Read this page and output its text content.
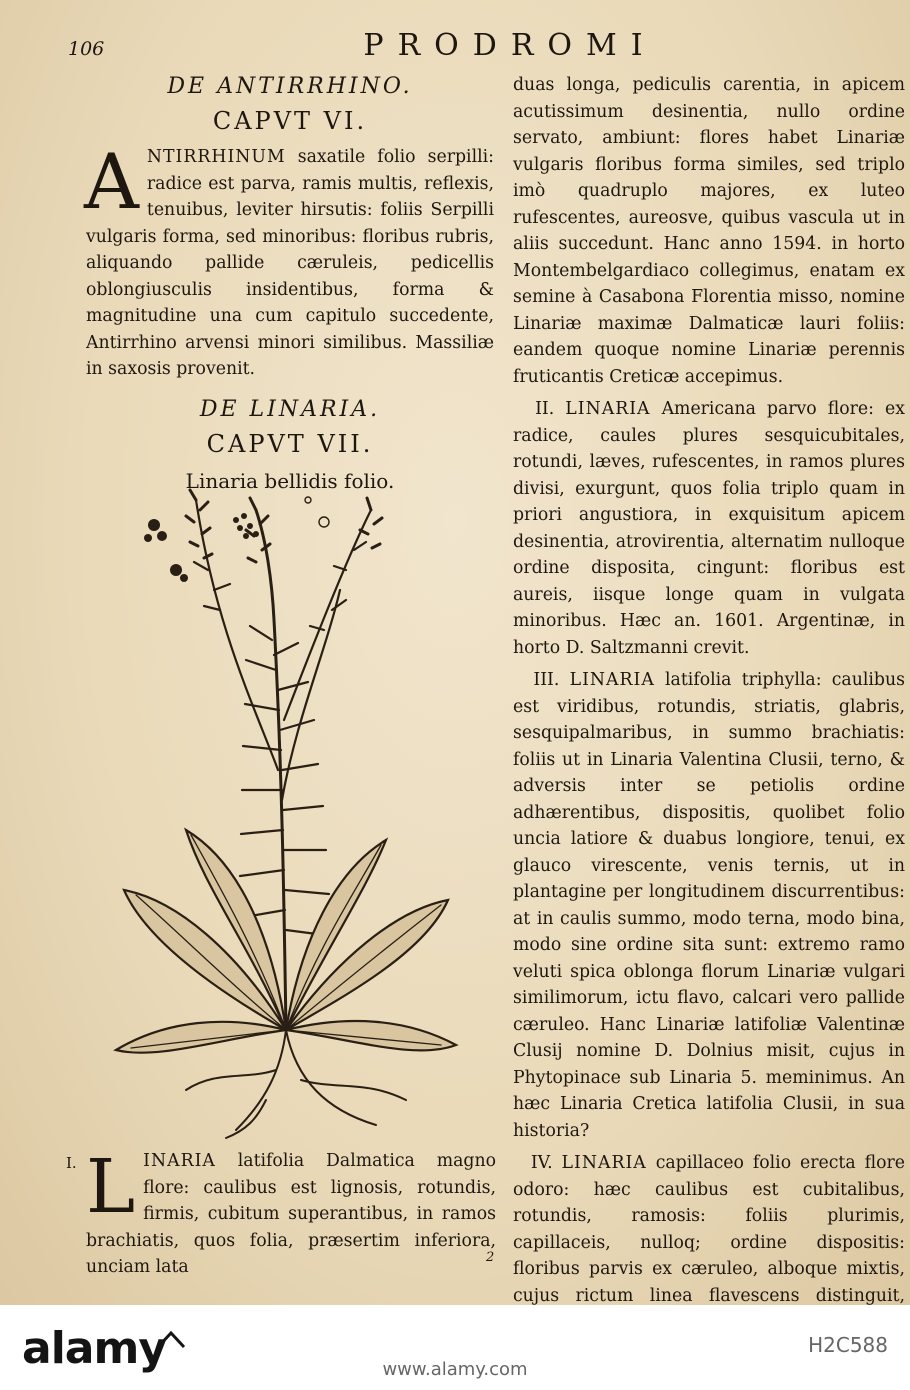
106	PRODROMI

DE ANTIRRHINO.

CAPVT VI.

ANTIRRHINUM saxatile folio serpilli: radice est parva, ramis multis, reflexis, tenuibus, leviter hirsutis: foliis Serpilli vulgaris forma, sed minoribus: floribus rubris, aliquando pallide cæruleis, pedicellis oblongiusculis insidentibus, forma & magnitudine una cum capitulo succedente, Antirrhino arvensi minori similibus. Massiliæ in saxosis provenit.

DE LINARIA.

CAPVT VII.

Linaria bellidis folio.

I. LINARIA latifolia Dalmatica magno flore: caulibus est lignosis, rotundis, firmis, cubitum superantibus, in ramos brachiatis, quos folia, præsertim inferiora, unciam lata	2

duas longa, pediculis carentia, in apicem acutissimum desinentia, nullo ordine servato, ambiunt: flores habet Linariæ vulgaris floribus forma similes, sed triplo imò quadruplo majores, ex luteo rufescentes, aureosve, quibus vascula ut in aliis succedunt. Hanc anno 1594. in horto Montembelgardiaco collegimus, enatam ex semine à Casabona Florentia misso, nomine Linariæ maximæ Dalmaticæ lauri foliis: eandem quoque nomine Linariæ perennis fruticantis Creticæ accepimus.

II. LINARIA Americana parvo flore: ex radice, caules plures sesquicubitales, rotundi, læves, rufescentes, in ramos plures divisi, exurgunt, quos folia triplo quam in priori angustiora, in exquisitum apicem desinentia, atrovirentia, alternatim nulloque ordine disposita, cingunt: floribus est aureis, iisque longe quam in vulgata minoribus. Hæc an. 1601. Argentinæ, in horto D. Saltzmanni crevit.

III. LINARIA latifolia triphylla: caulibus est viridibus, rotundis, striatis, glabris, sesquipalmaribus, in summo brachiatis: foliis ut in Linaria Valentina Clusii, terno, & adversis inter se petiolis ordine adhærentibus, dispositis, quolibet folio uncia latiore & duabus longiore, tenui, ex glauco virescente, venis ternis, ut in plantagine per longitudinem discurrentibus: at in caulis summo, modo terna, modo bina, modo sine ordine sita sunt: extremo ramo veluti spica oblonga florum Linariæ vulgari similimorum, ictu flavo, calcari vero pallide cæruleo. Hanc Linariæ latifoliæ Valentinæ Clusij nomine D. Dolnius misit, cujus in Phytopinace sub Linaria 5. meminimus. An hæc Linaria Cretica latifolia Clusii, in sua historia?

IV. LINARIA capillaceo folio erecta flore odoro: hæc caulibus est cubitalibus, rotundis, ramosis: foliis plurimis, capillaceis, nulloq; ordine dispositis: floribus parvis ex cæruleo, alboque mixtis, cujus rictum linea flavescens distinguit,

alamy	H2C588
www.alamy.com
